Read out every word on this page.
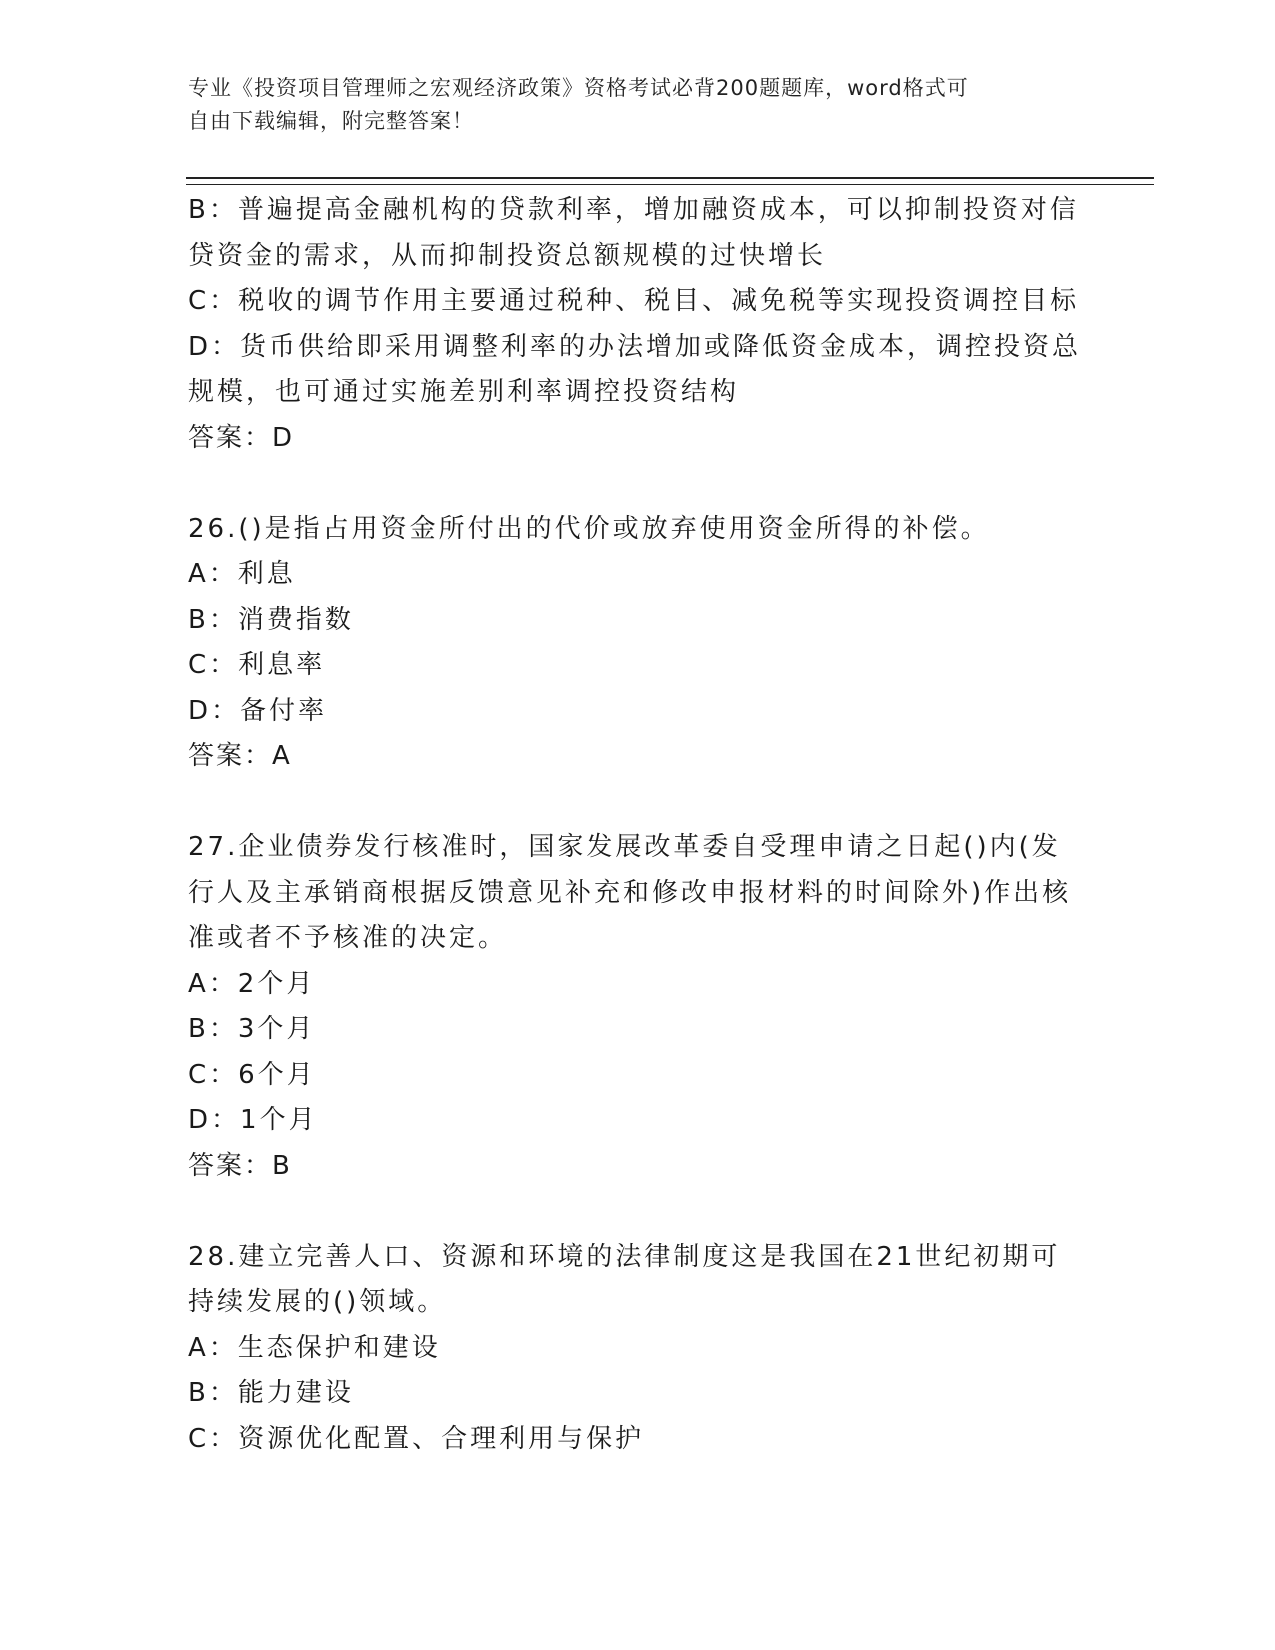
专业《投资项目管理师之宏观经济政策》资格考试必背200题题库，word格式可
自由下载编辑，附完整答案！
B：普遍提高金融机构的贷款利率，增加融资成本，可以抑制投资对信
贷资金的需求，从而抑制投资总额规模的过快增长
C：税收的调节作用主要通过税种、税目、减免税等实现投资调控目标
D：货币供给即采用调整利率的办法增加或降低资金成本，调控投资总
规模，也可通过实施差别利率调控投资结构
答案：D
26.()是指占用资金所付出的代价或放弃使用资金所得的补偿。
A：利息
B：消费指数
C：利息率
D：备付率
答案：A
27.企业债券发行核准时，国家发展改革委自受理申请之日起()内(发
行人及主承销商根据反馈意见补充和修改申报材料的时间除外)作出核
准或者不予核准的决定。
A：2个月
B：3个月
C：6个月
D：1个月
答案：B
28.建立完善人口、资源和环境的法律制度这是我国在21世纪初期可
持续发展的()领域。
A：生态保护和建设
B：能力建设
C：资源优化配置、合理利用与保护
